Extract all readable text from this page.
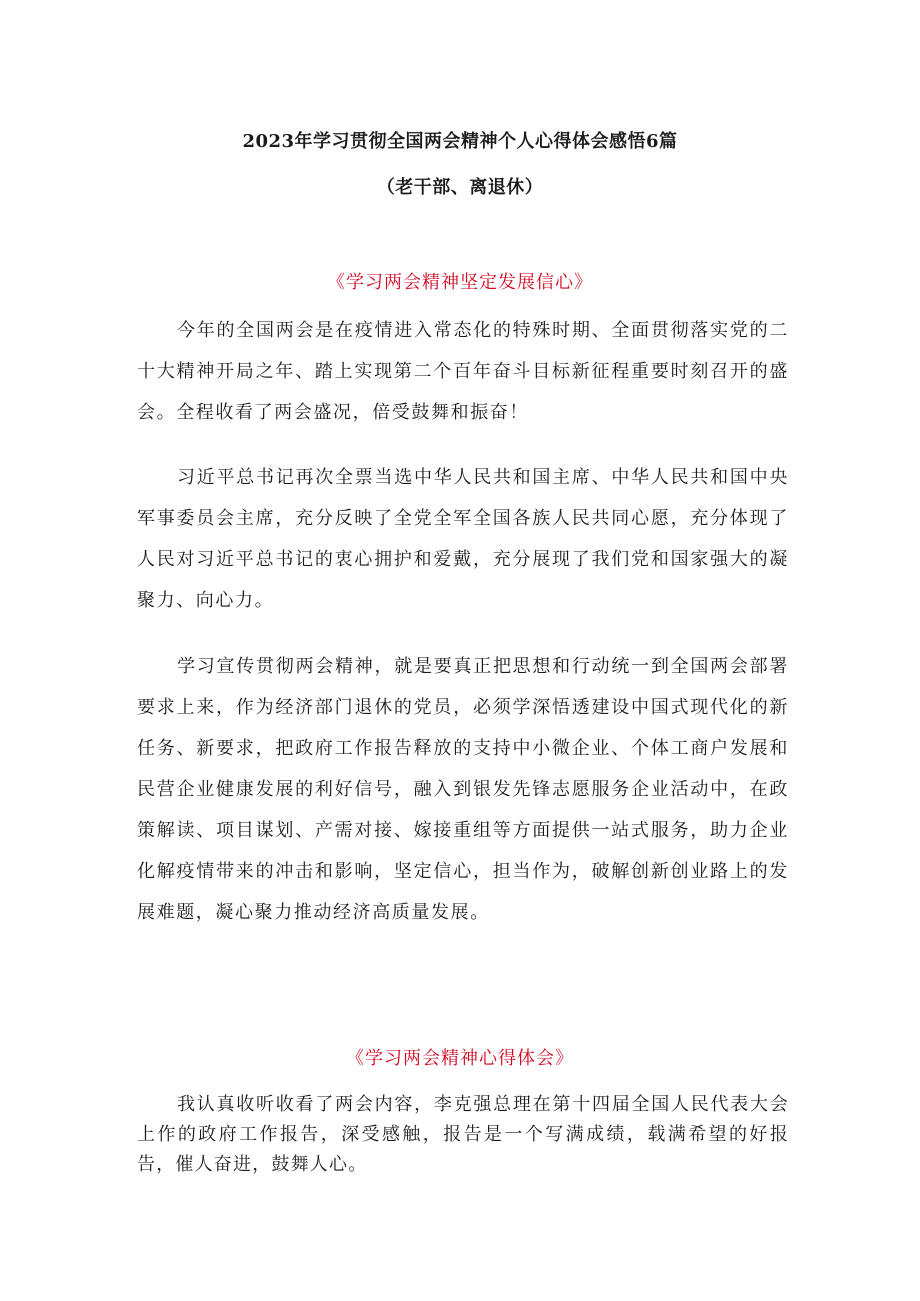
2023年学习贯彻全国两会精神个人心得体会感悟6篇
（老干部、离退休）
《学习两会精神坚定发展信心》

今年的全国两会是在疫情进入常态化的特殊时期、全面贯彻落实党的二十大精神开局之年、踏上实现第二个百年奋斗目标新征程重要时刻召开的盛会。全程收看了两会盛况，倍受鼓舞和振奋！

习近平总书记再次全票当选中华人民共和国主席、中华人民共和国中央军事委员会主席，充分反映了全党全军全国各族人民共同心愿，充分体现了人民对习近平总书记的衷心拥护和爱戴，充分展现了我们党和国家强大的凝聚力、向心力。

学习宣传贯彻两会精神，就是要真正把思想和行动统一到全国两会部署要求上来，作为经济部门退休的党员，必须学深悟透建设中国式现代化的新任务、新要求，把政府工作报告释放的支持中小微企业、个体工商户发展和民营企业健康发展的利好信号，融入到银发先锋志愿服务企业活动中，在政策解读、项目谋划、产需对接、嫁接重组等方面提供一站式服务，助力企业化解疫情带来的冲击和影响，坚定信心，担当作为，破解创新创业路上的发展难题，凝心聚力推动经济高质量发展。

《学习两会精神心得体会》

我认真收听收看了两会内容，李克强总理在第十四届全国人民代表大会上作的政府工作报告，深受感触，报告是一个写满成绩，载满希望的好报告，催人奋进，鼓舞人心。
